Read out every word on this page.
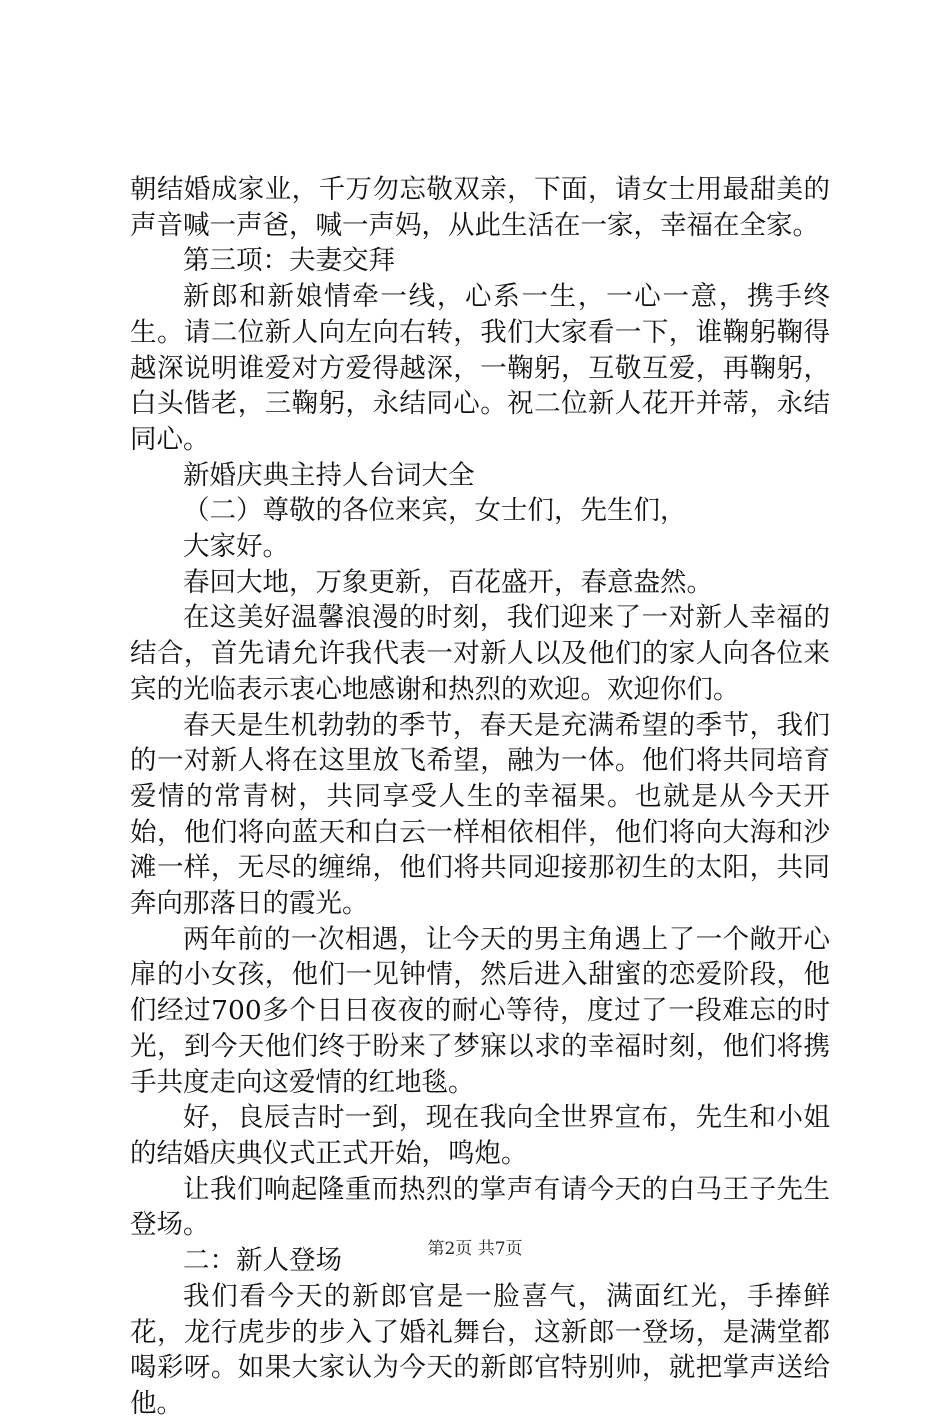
朝结婚成家业，千万勿忘敬双亲，下面，请女士用最甜美的声音喊一声爸，喊一声妈，从此生活在一家，幸福在全家。

第三项：夫妻交拜

新郎和新娘情牵一线，心系一生，一心一意，携手终生。请二位新人向左向右转，我们大家看一下，谁鞠躬鞠得越深说明谁爱对方爱得越深，一鞠躬，互敬互爱，再鞠躬，白头偕老，三鞠躬，永结同心。祝二位新人花开并蒂，永结同心。

新婚庆典主持人台词大全

（二）尊敬的各位来宾，女士们，先生们，

大家好。

春回大地，万象更新，百花盛开，春意盎然。

在这美好温馨浪漫的时刻，我们迎来了一对新人幸福的结合，首先请允许我代表一对新人以及他们的家人向各位来宾的光临表示衷心地感谢和热烈的欢迎。欢迎你们。

春天是生机勃勃的季节，春天是充满希望的季节，我们的一对新人将在这里放飞希望，融为一体。他们将共同培育爱情的常青树，共同享受人生的幸福果。也就是从今天开始，他们将向蓝天和白云一样相依相伴，他们将向大海和沙滩一样，无尽的缠绵，他们将共同迎接那初生的太阳，共同奔向那落日的霞光。

两年前的一次相遇，让今天的男主角遇上了一个敞开心扉的小女孩，他们一见钟情，然后进入甜蜜的恋爱阶段，他们经过700多个日日夜夜的耐心等待，度过了一段难忘的时光，到今天他们终于盼来了梦寐以求的幸福时刻，他们将携手共度走向这爱情的红地毯。

好，良辰吉时一到，现在我向全世界宣布，先生和小姐的结婚庆典仪式正式开始，鸣炮。

让我们响起隆重而热烈的掌声有请今天的白马王子先生登场。

二：新人登场

我们看今天的新郎官是一脸喜气，满面红光，手捧鲜花，龙行虎步的步入了婚礼舞台，这新郎一登场，是满堂都喝彩呀。如果大家认为今天的新郎官特别帅，就把掌声送给他。

第2页 共7页
